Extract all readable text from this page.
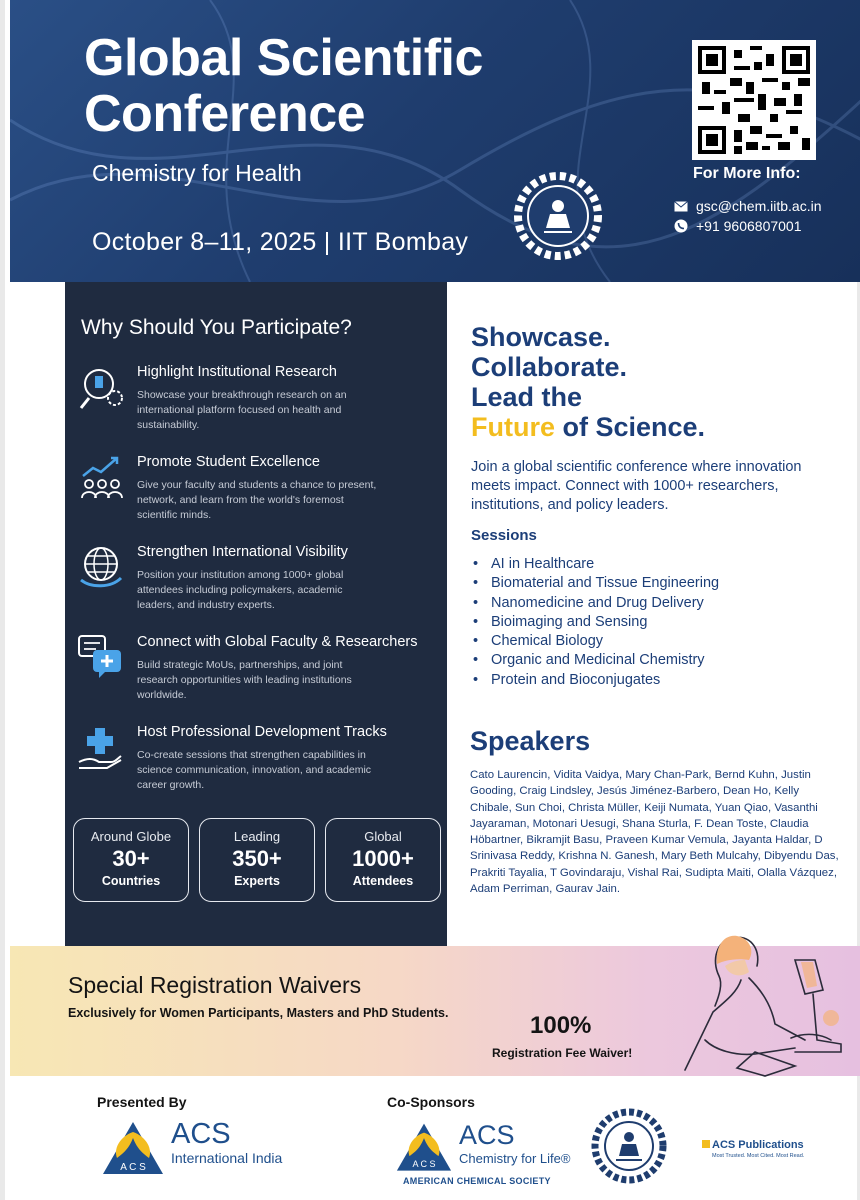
Global Scientific
Conference
Chemistry for Health
October 8–11, 2025 | IIT Bombay
For More Info:
gsc@chem.iitb.ac.in
+91 9606807001
Why Should You Participate?
Highlight Institutional Research
Showcase your breakthrough research on an international platform focused on health and sustainability.
Promote Student Excellence
Give your faculty and students a chance to present, network, and learn from the world's foremost scientific minds.
Strengthen International Visibility
Position your institution among 1000+ global attendees including policymakers, academic leaders, and industry experts.
Connect with Global Faculty & Researchers
Build strategic MoUs, partnerships, and joint research opportunities with leading institutions worldwide.
Host Professional Development Tracks
Co-create sessions that strengthen capabilities in science communication, innovation, and academic career growth.
Around Globe
30+
Countries
Leading
350+
Experts
Global
1000+
Attendees
Showcase.
Collaborate.
Lead the
Future of Science.
Join a global scientific conference where innovation meets impact. Connect with 1000+ researchers, institutions, and policy leaders.
Sessions
• AI in Healthcare
• Biomaterial and Tissue Engineering
• Nanomedicine and Drug Delivery
• Bioimaging and Sensing
• Chemical Biology
• Organic and Medicinal Chemistry
• Protein and Bioconjugates
Speakers
Cato Laurencin, Vidita Vaidya, Mary Chan-Park, Bernd Kuhn, Justin Gooding, Craig Lindsley, Jesús Jiménez-Barbero, Dean Ho, Kelly Chibale, Sun Choi, Christa Müller, Keiji Numata, Yuan Qiao, Vasanthi Jayaraman, Motonari Uesugi, Shana Sturla, F. Dean Toste, Claudia Höbartner, Bikramjit Basu, Praveen Kumar Vemula, Jayanta Haldar, D Srinivasa Reddy, Krishna N. Ganesh, Mary Beth Mulcahy, Dibyendu Das, Prakriti Tayalia, T Govindaraju, Vishal Rai, Sudipta Maiti, Olalla Vázquez, Adam Perriman, Gaurav Jain.
Special Registration Waivers
Exclusively for Women Participants, Masters and PhD Students.	100%
Registration Fee Waiver!
Presented By	Co-Sponsors
A C S
ACS
International India	A C S
ACS
Chemistry for Life®
AMERICAN CHEMICAL SOCIETY
ACS Publications
Most Trusted. Most Cited. Most Read.
